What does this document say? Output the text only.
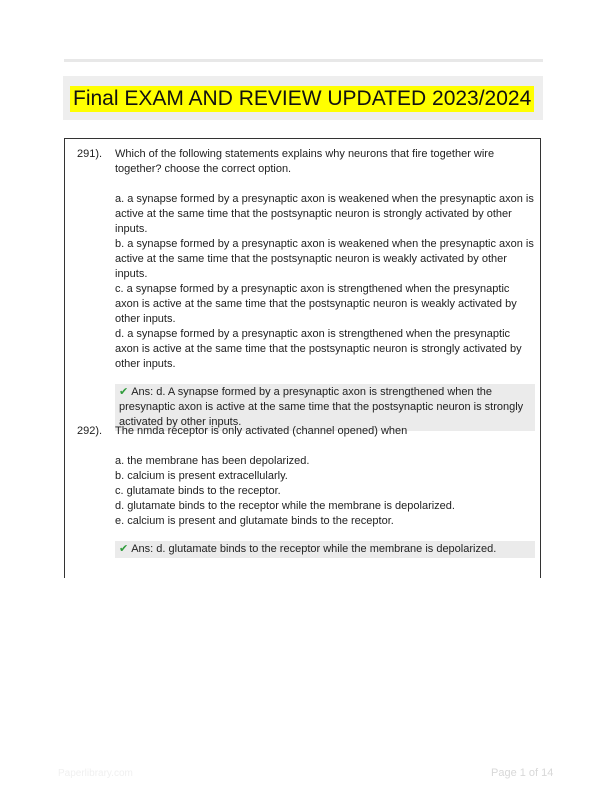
Final EXAM AND REVIEW UPDATED 2023/2024
291). Which of the following statements explains why neurons that fire together wire together? choose the correct option.

a. a synapse formed by a presynaptic axon is weakened when the presynaptic axon is active at the same time that the postsynaptic neuron is strongly activated by other inputs.

b. a synapse formed by a presynaptic axon is weakened when the presynaptic axon is active at the same time that the postsynaptic neuron is weakly activated by other inputs.

c. a synapse formed by a presynaptic axon is strengthened when the presynaptic axon is active at the same time that the postsynaptic neuron is weakly activated by other inputs.

d. a synapse formed by a presynaptic axon is strengthened when the presynaptic axon is active at the same time that the postsynaptic neuron is strongly activated by other inputs.

✔ Ans: d. A synapse formed by a presynaptic axon is strengthened when the presynaptic axon is active at the same time that the postsynaptic neuron is strongly activated by other inputs.
292). The nmda receptor is only activated (channel opened) when

a. the membrane has been depolarized.

b. calcium is present extracellularly.

c. glutamate binds to the receptor.

d. glutamate binds to the receptor while the membrane is depolarized.

e. calcium is present and glutamate binds to the receptor.

✔ Ans: d. glutamate binds to the receptor while the membrane is depolarized.
Paperlibrary.com	Page 1 of 14
